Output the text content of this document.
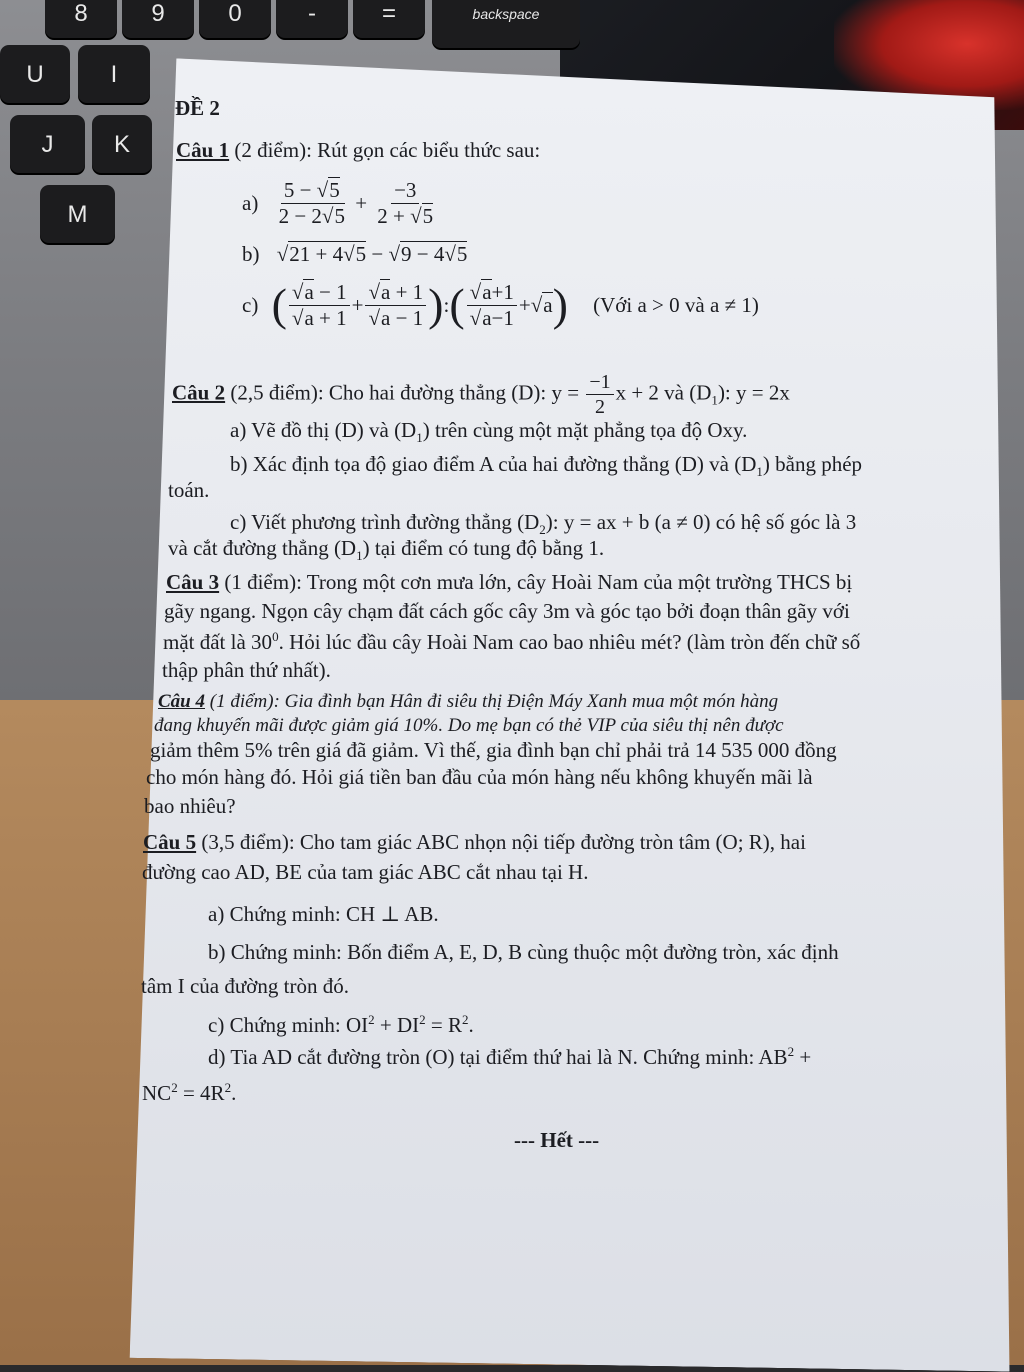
8	9	0	-	=	backspace
U	I
J	K
M
ĐỀ 2
Câu 1 (2 điểm): Rút gọn các biểu thức sau:
$a) \frac{5 - √5}{2 - 2√5} + \frac{-3}{2 + √5}$
b) √21 + 4√5 − √9 − 4√5
c) ( $\frac{√a - 1}{√a + 1} + \frac{√a + 1}{√a - 1}$ ):( $\frac{√a+1}{√a-1} +√a$) (Với a > 0 và a ≠ 1)
Câu 2 (2,5 điểm): Cho hai đường thẳng (D): $y = \frac{-1}{2}$ x + 2 và $(D_1)$: y = 2x
a) Vẽ đồ thị (D) và $(D_1)$ trên cùng một mặt phẳng tọa độ Oxy.
b) Xác định tọa độ giao điểm A của hai đường thẳng (D) và $(D_1)$ bằng phép
toán.
c) Viết phương trình đường thẳng $(D_2)$: y = ax + b (a ≠ 0) có hệ số góc là 3
và cắt đường thẳng $(D_1)$ tại điểm có tung độ bằng 1.
Câu 3 (1 điểm): Trong một cơn mưa lớn, cây Hoài Nam của một trường THCS bị
gãy ngang. Ngọn cây chạm đất cách gốc cây 3m và góc tạo bởi đoạn thân gãy với
mặt đất là $30^0$. Hỏi lúc đầu cây Hoài Nam cao bao nhiêu mét? (làm tròn đến chữ số
thập phân thứ nhất).
Câu 4 (1 điểm): Gia đình bạn Hân đi siêu thị Điện Máy Xanh mua một món hàng
đang khuyến mãi được giảm giá 10%. Do mẹ bạn có thẻ VIP của siêu thị nên được
giảm thêm 5% trên giá đã giảm. Vì thế, gia đình bạn chỉ phải trả 14 535 000 đồng
cho món hàng đó. Hỏi giá tiền ban đầu của món hàng nếu không khuyến mãi là
bao nhiêu?
Câu 5 (3,5 điểm): Cho tam giác ABC nhọn nội tiếp đường tròn tâm (O; R), hai
đường cao AD, BE của tam giác ABC cắt nhau tại H.
a) Chứng minh: CH ⊥ AB.
b) Chứng minh: Bốn điểm A, E, D, B cùng thuộc một đường tròn, xác định
tâm I của đường tròn đó.
c) Chứng minh: $OI^2 + DI^2 = R^2$.
d) Tia AD cắt đường tròn (O) tại điểm thứ hai là N. Chứng minh: $AB^2$ +
$NC^2 = 4R^2$.
--- Hết ---
